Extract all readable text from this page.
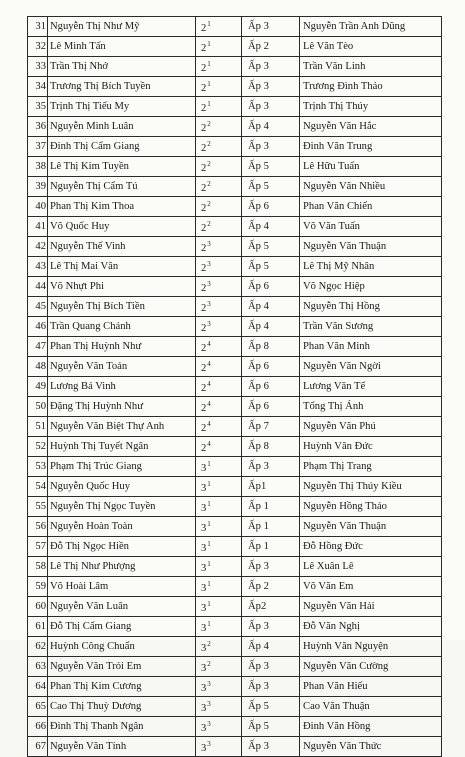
31	Nguyễn Thị Như Mỹ	$2^1$	Ấp 3	Nguyễn Trần Anh Dũng
32	Lê Minh Tấn	$2^1$	Ấp 2	Lê Văn Tèo
33	Trần Thị Nhớ	$2^1$	Ấp 3	Trần Văn Linh
34	Trương Thị Bích Tuyền	$2^1$	Ấp 3	Trương Đình Thảo
35	Trịnh Thị Tiểu My	$2^1$	Ấp 3	Trịnh Thị Thúy
36	Nguyễn Minh Luân	$2^2$	Ấp 4	Nguyễn Văn Hắc
37	Đinh Thị Cẩm Giang	$2^2$	Ấp 3	Đinh Văn Trung
38	Lê Thị Kim Tuyền	$2^2$	Ấp 5	Lê Hữu Tuấn
39	Nguyễn Thị Cẩm Tú	$2^2$	Ấp 5	Nguyễn Văn Nhiều
40	Phan Thị Kim Thoa	$2^2$	Ấp 6	Phan Văn Chiến
41	Võ Quốc Huy	$2^2$	Ấp 4	Võ Văn Tuấn
42	Nguyễn Thế Vinh	$2^3$	Ấp 5	Nguyễn Văn Thuận
43	Lê Thị Mai Vân	$2^3$	Ấp 5	Lê Thị Mỹ Nhân
44	Võ Nhựt Phi	$2^3$	Ấp 6	Võ Ngọc Hiệp
45	Nguyễn Thị Bích Tiền	$2^3$	Ấp 4	Nguyễn Thị Hồng
46	Trần Quang Chánh	$2^3$	Ấp 4	Trần Văn Sương
47	Phan Thị Huỳnh Như	$2^4$	Ấp 8	Phan Văn Minh
48	Nguyễn Văn Toản	$2^4$	Ấp 6	Nguyễn Văn Ngời
49	Lương Bá Vinh	$2^4$	Ấp 6	Lương Văn Tế
50	Đặng Thị Huỳnh Như	$2^4$	Ấp 6	Tống Thị Ánh
51	Nguyễn Văn Biệt Thự Anh	$2^4$	Ấp 7	Nguyễn Văn Phú
52	Huỳnh Thị Tuyết Ngân	$2^4$	Ấp 8	Huỳnh Văn Đức
53	Phạm Thị Trúc Giang	$3^1$	Ấp 3	Phạm Thị Trang
54	Nguyễn Quốc Huy	$3^1$	Ấp1	Nguyễn Thị Thúy Kiều
55	Nguyễn Thị Ngọc Tuyền	$3^1$	Ấp 1	Nguyễn Hồng Thảo
56	Nguyễn Hoàn Toàn	$3^1$	Ấp 1	Nguyễn Văn Thuận
57	Đỗ Thị Ngọc Hiền	$3^1$	Ấp 1	Đỗ Hồng Đức
58	Lê Thị Như Phượng	$3^1$	Ấp 3	Lê Xuân Lê
59	Võ Hoài Lâm	$3^1$	Ấp 2	Võ Văn Em
60	Nguyễn Văn Luân	$3^1$	Ấp2	Nguyễn Văn Hải
61	Đỗ Thị Cẩm Giang	$3^1$	Ấp 3	Đỗ Văn Nghị
62	Huỳnh Công Chuẩn	$3^2$	Ấp 4	Huỳnh Văn Nguyện
63	Nguyễn Văn Trỏi Em	$3^2$	Ấp 3	Nguyễn Văn Cường
64	Phan Thị Kim Cương	$3^3$	Ấp 3	Phan Văn Hiếu
65	Cao Thị Thuỳ Dương	$3^3$	Ấp 5	Cao Văn Thuận
66	Đinh Thị Thanh Ngân	$3^3$	Ấp 5	Đinh Văn Hồng
67	Nguyễn Văn Tính	$3^3$	Ấp 3	Nguyễn Văn Thức
